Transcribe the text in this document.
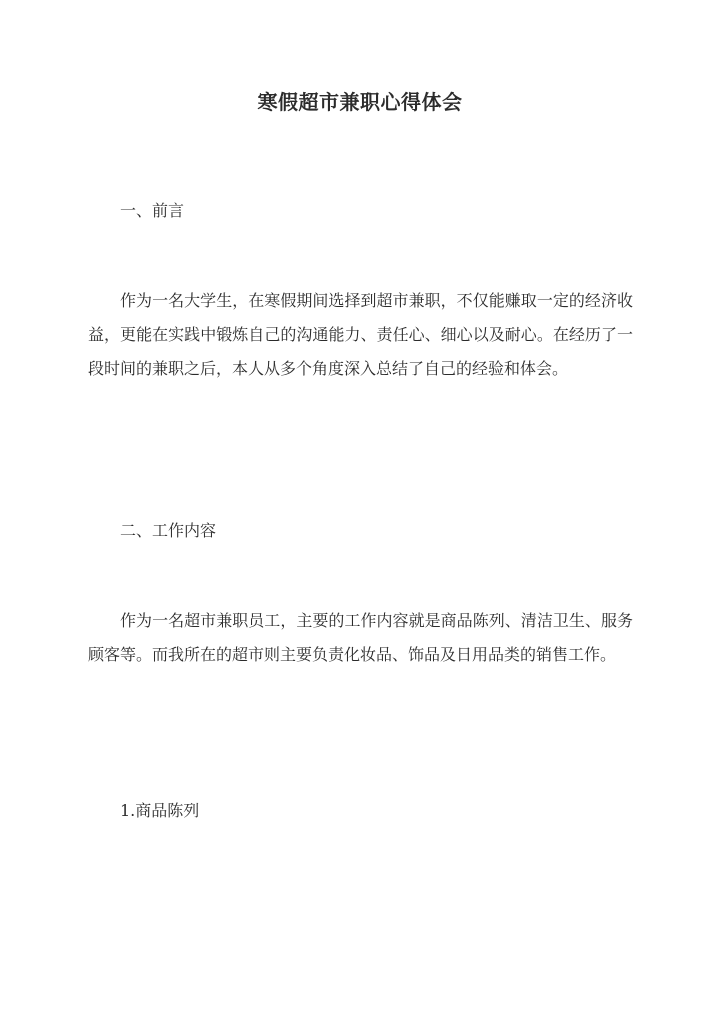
寒假超市兼职心得体会
一、前言
作为一名大学生，在寒假期间选择到超市兼职，不仅能赚取一定的经济收益，更能在实践中锻炼自己的沟通能力、责任心、细心以及耐心。在经历了一段时间的兼职之后，本人从多个角度深入总结了自己的经验和体会。
二、工作内容
作为一名超市兼职员工，主要的工作内容就是商品陈列、清洁卫生、服务顾客等。而我所在的超市则主要负责化妆品、饰品及日用品类的销售工作。
1.商品陈列
